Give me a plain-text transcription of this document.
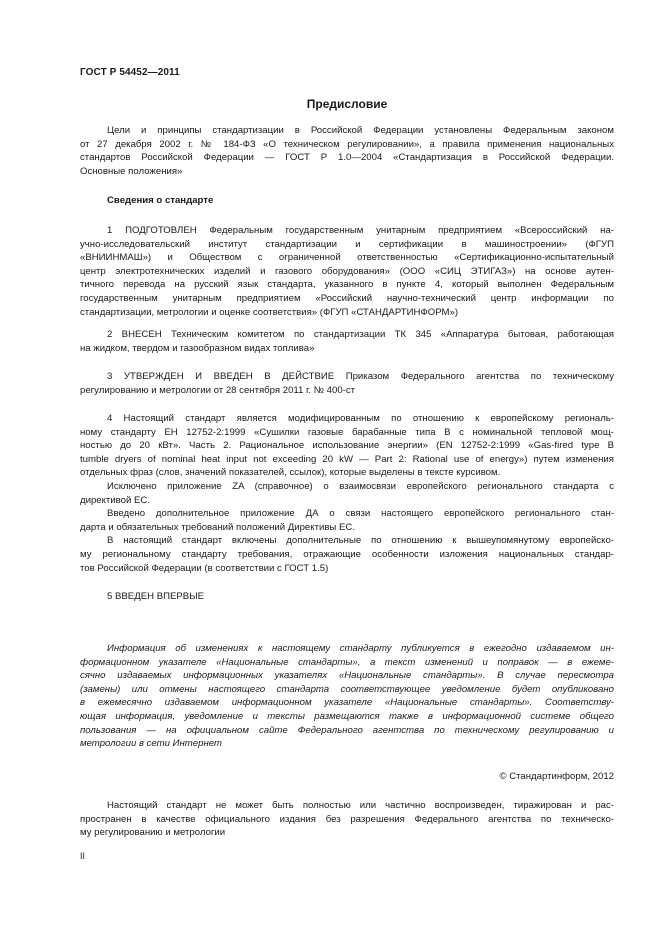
ГОСТ Р 54452—2011
Предисловие
Цели и принципы стандартизации в Российской Федерации установлены Федеральным законом
от 27 декабря 2002 г. № 184-ФЗ «О техническом регулировании», а правила применения национальных
стандартов Российской Федерации — ГОСТ Р 1.0—2004 «Стандартизация в Российской Федерации.
Основные положения»
Сведения о стандарте
1 ПОДГОТОВЛЕН Федеральным государственным унитарным предприятием «Всероссийский на-
учно-исследовательский институт стандартизации и сертификации в машиностроении» (ФГУП
«ВНИИНМАШ») и Обществом с ограниченной ответственностью «Сертификационно-испытательный
центр электротехнических изделий и газового оборудования» (ООО «СИЦ ЭТИГАЗ») на основе аутен-
тичного перевода на русский язык стандарта, указанного в пункте 4, который выполнен Федеральным
государственным унитарным предприятием «Российский научно-технический центр информации по
стандартизации, метрологии и оценке соответствия» (ФГУП «СТАНДАРТИНФОРМ»)
2 ВНЕСЕН Техническим комитетом по стандартизации ТК 345 «Аппаратура бытовая, работающая
на жидком, твердом и газообразном видах топлива»
3 УТВЕРЖДЕН И ВВЕДЕН В ДЕЙСТВИЕ Приказом Федерального агентства по техническому
регулированию и метрологии от 28 сентября 2011 г. № 400-ст
4 Настоящий стандарт является модифицированным по отношению к европейскому региональ-
ному стандарту ЕН 12752-2:1999 «Сушилки газовые барабанные типа В с номинальной тепловой мощ-
ностью до 20 кВт». Часть 2. Рациональное использование энергии» (EN 12752-2:1999 «Gas-fired type B
tumble dryers of nominal heat input not exceeding 20 kW — Part 2: Rational use of energy») путем изменения
отдельных фраз (слов, значений показателей, ссылок), которые выделены в тексте курсивом.
Исключено приложение ZA (справочное) о взаимосвязи европейского регионального стандарта с
директивой ЕС.
Введено дополнительное приложение ДА о связи настоящего европейского регионального стан-
дарта и обязательных требований положений Директивы ЕС.
В настоящий стандарт включены дополнительные по отношению к вышеупомянутому европейско-
му региональному стандарту требования, отражающие особенности изложения национальных стандар-
тов Российской Федерации (в соответствии с ГОСТ 1.5)
5 ВВЕДЕН ВПЕРВЫЕ
Информация об изменениях к настоящему стандарту публикуется в ежегодно издаваемом ин-
формационном указателе «Национальные стандарты», а текст изменений и поправок — в ежеме-
сячно издаваемых информационных указателях «Национальные стандарты». В случае пересмотра
(замены) или отмены настоящего стандарта соответствующее уведомление будет опубликовано
в ежемесячно издаваемом информационном указателе «Национальные стандарты». Соответству-
ющая информация, уведомление и тексты размещаются также в информационной системе общего
пользования — на официальном сайте Федерального агентства по техническому регулированию и
метрологии в сети Интернет
© Стандартинформ, 2012
Настоящий стандарт не может быть полностью или частично воспроизведен, тиражирован и рас-
пространен в качестве официального издания без разрешения Федерального агентства по техническо-
му регулированию и метрологии
II
